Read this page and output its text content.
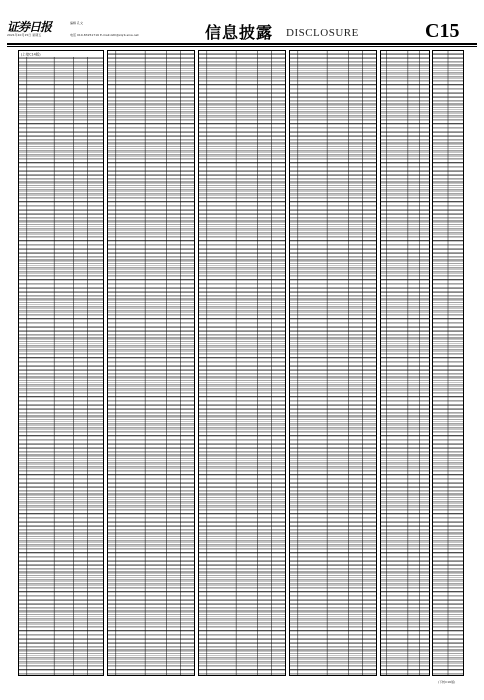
证券日报	编辑 孔文
2021年10月15日 星期五	电话 010-83251716 E-mail:zzlll@zqrb.sina.net	信息披露 DISCLOSURE	C15
(上接C14版)
(下转C16版)
